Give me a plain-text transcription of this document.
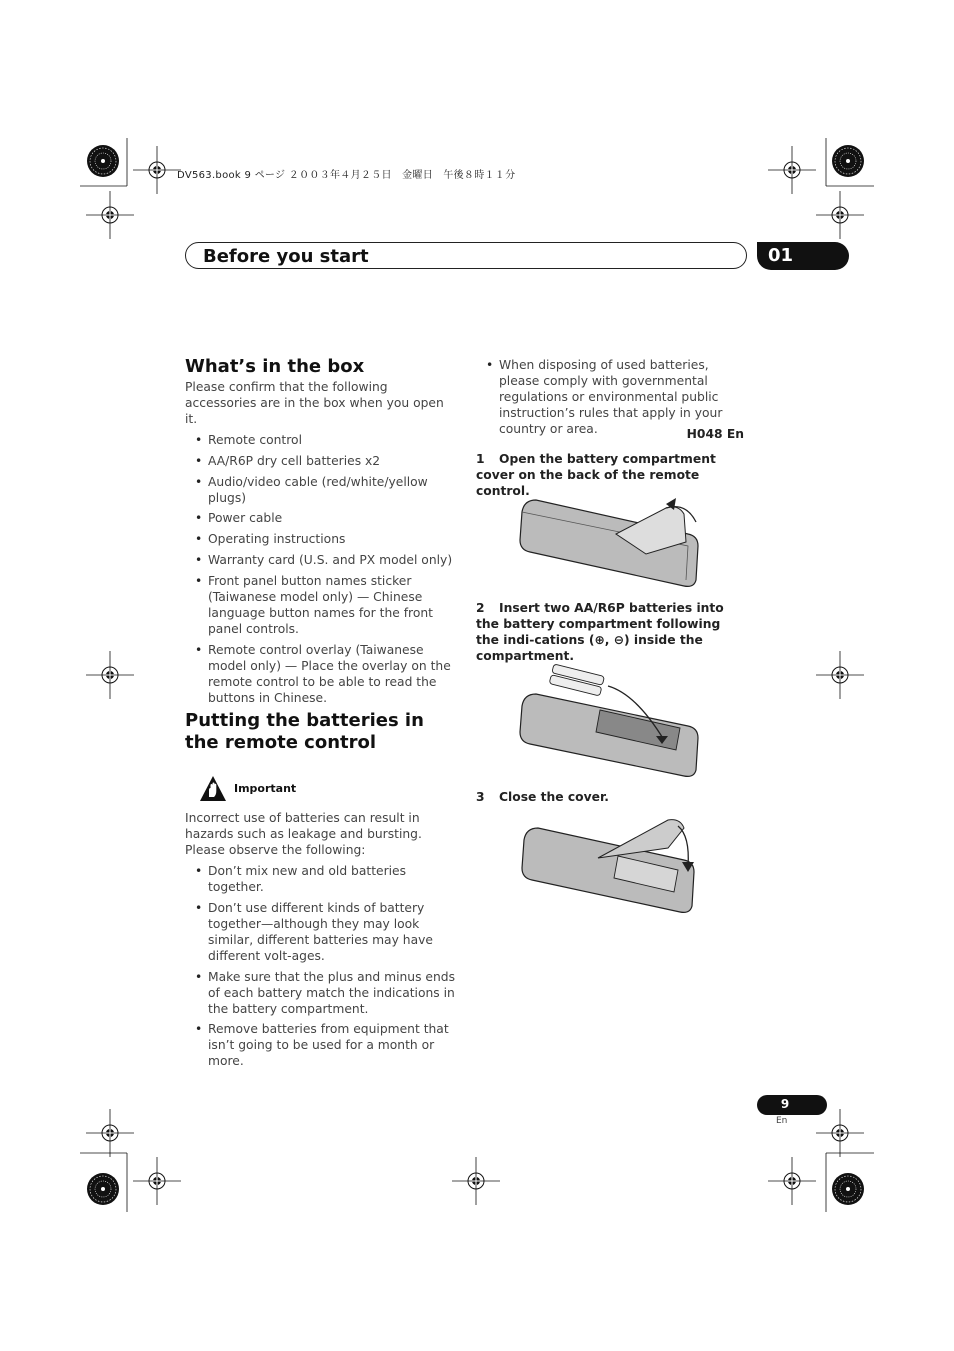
DV563.book 9 ページ ２００３年４月２５日　金曜日　午後８時１１分
Before you start	01
What’s in the box

Please confirm that the following accessories are in the box when you open it.

• Remote control
• AA/R6P dry cell batteries x2
• Audio/video cable (red/white/yellow plugs)
• Power cable
• Operating instructions
• Warranty card (U.S. and PX model only)
• Front panel button names sticker (Taiwanese model only) — Chinese language button names for the front panel controls.
• Remote control overlay (Taiwanese model only) — Place the overlay on the remote control to be able to read the buttons in Chinese.
Putting the batteries in the remote control
Important

Incorrect use of batteries can result in hazards such as leakage and bursting. Please observe the following:

• Don’t mix new and old batteries together.
• Don’t use different kinds of battery together—although they may look similar, different batteries may have different volt-ages.
• Make sure that the plus and minus ends of each battery match the indications in the battery compartment.
• Remove batteries from equipment that isn’t going to be used for a month or more.
• When disposing of used batteries, please comply with governmental regulations or environmental public instruction’s rules that apply in your country or area.	H048 En
1 Open the battery compartment cover on the back of the remote control.
2 Insert two AA/R6P batteries into the battery compartment following the indi-cations (⊕, ⊖) inside the compartment.
3 Close the cover.
9
En
